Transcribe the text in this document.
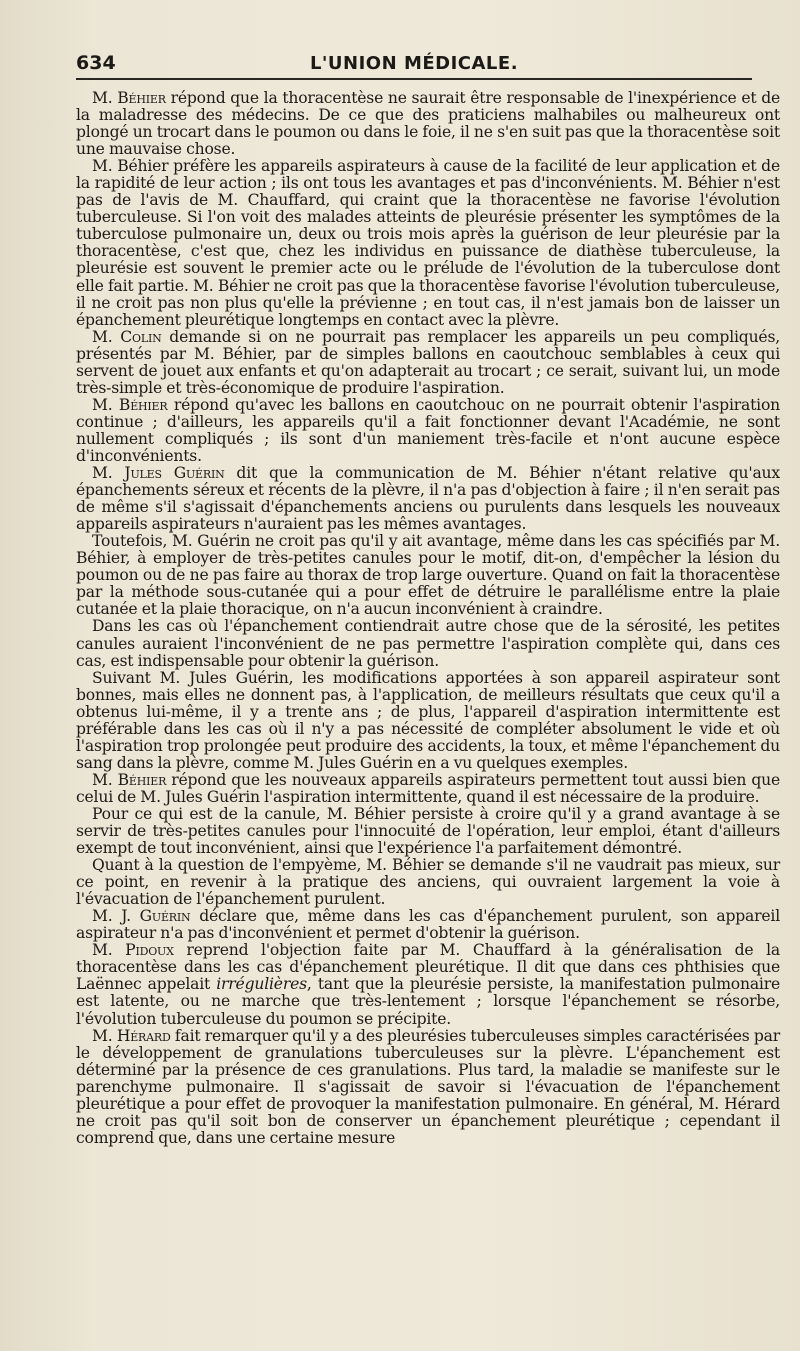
634	L'UNION MÉDICALE.

M. Béhier répond que la thoracentèse ne saurait être responsable de l'inexpérience et de la maladresse des médecins. De ce que des praticiens malhabiles ou malheureux ont plongé un trocart dans le poumon ou dans le foie, il ne s'en suit pas que la thoracentèse soit une mauvaise chose.

M. Béhier préfère les appareils aspirateurs à cause de la facilité de leur application et de la rapidité de leur action ; ils ont tous les avantages et pas d'inconvénients. M. Béhier n'est pas de l'avis de M. Chauffard, qui craint que la thoracentèse ne favorise l'évolution tuberculeuse. Si l'on voit des malades atteints de pleurésie présenter les symptômes de la tuberculose pulmonaire un, deux ou trois mois après la guérison de leur pleurésie par la thoracentèse, c'est que, chez les individus en puissance de diathèse tuberculeuse, la pleurésie est souvent le premier acte ou le prélude de l'évolution de la tuberculose dont elle fait partie. M. Béhier ne croit pas que la thoracentèse favorise l'évolution tuberculeuse, il ne croit pas non plus qu'elle la prévienne ; en tout cas, il n'est jamais bon de laisser un épanchement pleurétique longtemps en contact avec la plèvre.

M. Colin demande si on ne pourrait pas remplacer les appareils un peu compliqués, présentés par M. Béhier, par de simples ballons en caoutchouc semblables à ceux qui servent de jouet aux enfants et qu'on adapterait au trocart ; ce serait, suivant lui, un mode très-simple et très-économique de produire l'aspiration.

M. Béhier répond qu'avec les ballons en caoutchouc on ne pourrait obtenir l'aspiration continue ; d'ailleurs, les appareils qu'il a fait fonctionner devant l'Académie, ne sont nullement compliqués ; ils sont d'un maniement très-facile et n'ont aucune espèce d'inconvénients.

M. Jules Guérin dit que la communication de M. Béhier n'étant relative qu'aux épanchements séreux et récents de la plèvre, il n'a pas d'objection à faire ; il n'en serait pas de même s'il s'agissait d'épanchements anciens ou purulents dans lesquels les nouveaux appareils aspirateurs n'auraient pas les mêmes avantages.

Toutefois, M. Guérin ne croit pas qu'il y ait avantage, même dans les cas spécifiés par M. Béhier, à employer de très-petites canules pour le motif, dit-on, d'empêcher la lésion du poumon ou de ne pas faire au thorax de trop large ouverture. Quand on fait la thoracentèse par la méthode sous-cutanée qui a pour effet de détruire le parallélisme entre la plaie cutanée et la plaie thoracique, on n'a aucun inconvénient à craindre.

Dans les cas où l'épanchement contiendrait autre chose que de la sérosité, les petites canules auraient l'inconvénient de ne pas permettre l'aspiration complète qui, dans ces cas, est indispensable pour obtenir la guérison.

Suivant M. Jules Guérin, les modifications apportées à son appareil aspirateur sont bonnes, mais elles ne donnent pas, à l'application, de meilleurs résultats que ceux qu'il a obtenus lui-même, il y a trente ans ; de plus, l'appareil d'aspiration intermittente est préférable dans les cas où il n'y a pas nécessité de compléter absolument le vide et où l'aspiration trop prolongée peut produire des accidents, la toux, et même l'épanchement du sang dans la plèvre, comme M. Jules Guérin en a vu quelques exemples.

M. Béhier répond que les nouveaux appareils aspirateurs permettent tout aussi bien que celui de M. Jules Guérin l'aspiration intermittente, quand il est nécessaire de la produire.

Pour ce qui est de la canule, M. Béhier persiste à croire qu'il y a grand avantage à se servir de très-petites canules pour l'innocuité de l'opération, leur emploi, étant d'ailleurs exempt de tout inconvénient, ainsi que l'expérience l'a parfaitement démontré.

Quant à la question de l'empyème, M. Béhier se demande s'il ne vaudrait pas mieux, sur ce point, en revenir à la pratique des anciens, qui ouvraient largement la voie à l'évacuation de l'épanchement purulent.

M. J. Guérin déclare que, même dans les cas d'épanchement purulent, son appareil aspirateur n'a pas d'inconvénient et permet d'obtenir la guérison.

M. Pidoux reprend l'objection faite par M. Chauffard à la généralisation de la thoracentèse dans les cas d'épanchement pleurétique. Il dit que dans ces phthisies que Laënnec appelait irrégulières, tant que la pleurésie persiste, la manifestation pulmonaire est latente, ou ne marche que très-lentement ; lorsque l'épanchement se résorbe, l'évolution tuberculeuse du poumon se précipite.

M. Hérard fait remarquer qu'il y a des pleurésies tuberculeuses simples caractérisées par le développement de granulations tuberculeuses sur la plèvre. L'épanchement est déterminé par la présence de ces granulations. Plus tard, la maladie se manifeste sur le parenchyme pulmonaire. Il s'agissait de savoir si l'évacuation de l'épanchement pleurétique a pour effet de provoquer la manifestation pulmonaire. En général, M. Hérard ne croit pas qu'il soit bon de conserver un épanchement pleurétique ; cependant il comprend que, dans une certaine mesure
